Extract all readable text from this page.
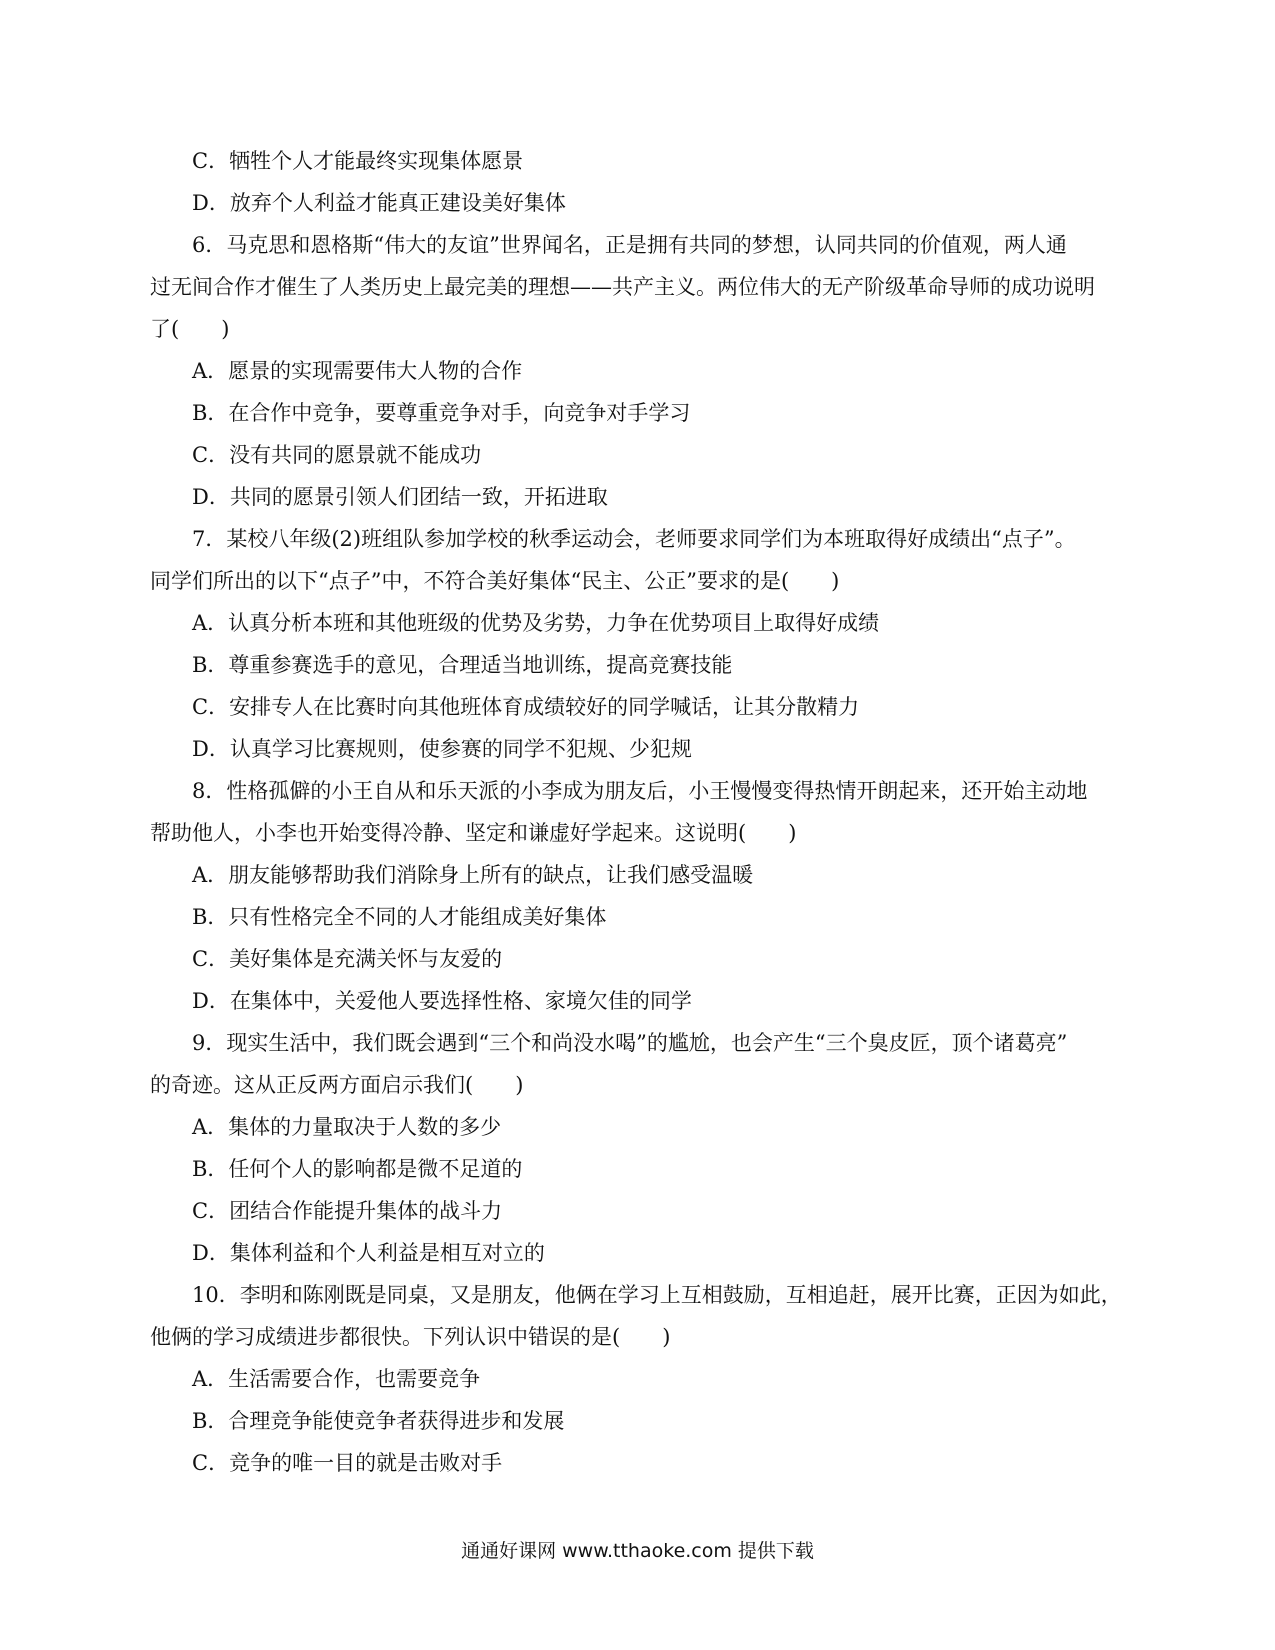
C．牺牲个人才能最终实现集体愿景
D．放弃个人利益才能真正建设美好集体
6．马克思和恩格斯“伟大的友谊”世界闻名，正是拥有共同的梦想，认同共同的价值观，两人通
过无间合作才催生了人类历史上最完美的理想——共产主义。两位伟大的无产阶级革命导师的成功说明
了(　　)
A．愿景的实现需要伟大人物的合作
B．在合作中竞争，要尊重竞争对手，向竞争对手学习
C．没有共同的愿景就不能成功
D．共同的愿景引领人们团结一致，开拓进取
7．某校八年级(2)班组队参加学校的秋季运动会，老师要求同学们为本班取得好成绩出“点子”。
同学们所出的以下“点子”中，不符合美好集体“民主、公正”要求的是(　　)
A．认真分析本班和其他班级的优势及劣势，力争在优势项目上取得好成绩
B．尊重参赛选手的意见，合理适当地训练，提高竞赛技能
C．安排专人在比赛时向其他班体育成绩较好的同学喊话，让其分散精力
D．认真学习比赛规则，使参赛的同学不犯规、少犯规
8．性格孤僻的小王自从和乐天派的小李成为朋友后，小王慢慢变得热情开朗起来，还开始主动地
帮助他人，小李也开始变得冷静、坚定和谦虚好学起来。这说明(　　)
A．朋友能够帮助我们消除身上所有的缺点，让我们感受温暖
B．只有性格完全不同的人才能组成美好集体
C．美好集体是充满关怀与友爱的
D．在集体中，关爱他人要选择性格、家境欠佳的同学
9．现实生活中，我们既会遇到“三个和尚没水喝”的尴尬，也会产生“三个臭皮匠，顶个诸葛亮”
的奇迹。这从正反两方面启示我们(　　)
A．集体的力量取决于人数的多少
B．任何个人的影响都是微不足道的
C．团结合作能提升集体的战斗力
D．集体利益和个人利益是相互对立的
10．李明和陈刚既是同桌，又是朋友，他俩在学习上互相鼓励，互相追赶，展开比赛，正因为如此，
他俩的学习成绩进步都很快。下列认识中错误的是(　　)
A．生活需要合作，也需要竞争
B．合理竞争能使竞争者获得进步和发展
C．竞争的唯一目的就是击败对手
通通好课网 www.tthaoke.com 提供下载
